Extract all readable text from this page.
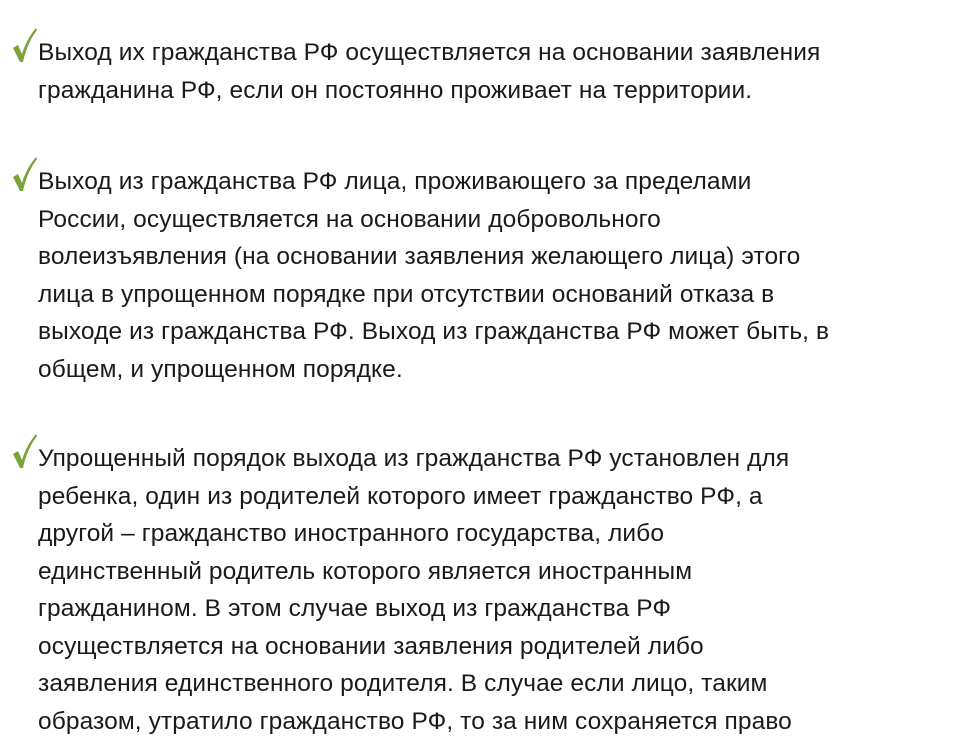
Выход их гражданства РФ осуществляется на основании заявления
гражданина РФ, если он постоянно проживает на территории.

Выход из гражданства РФ лица, проживающего за пределами
России, осуществляется на основании добровольного
волеизъявления (на основании заявления желающего лица) этого
лица в упрощенном порядке при отсутствии оснований отказа в
выходе из гражданства РФ. Выход из гражданства РФ может быть, в
общем, и упрощенном порядке.

Упрощенный порядок выхода из гражданства РФ установлен для
ребенка, один из родителей которого имеет гражданство РФ, а
другой – гражданство иностранного государства, либо
единственный родитель которого является иностранным
гражданином. В этом случае выход из гражданства РФ
осуществляется на основании заявления родителей либо
заявления единственного родителя. В случае если лицо, таким
образом, утратило гражданство РФ, то за ним сохраняется право
